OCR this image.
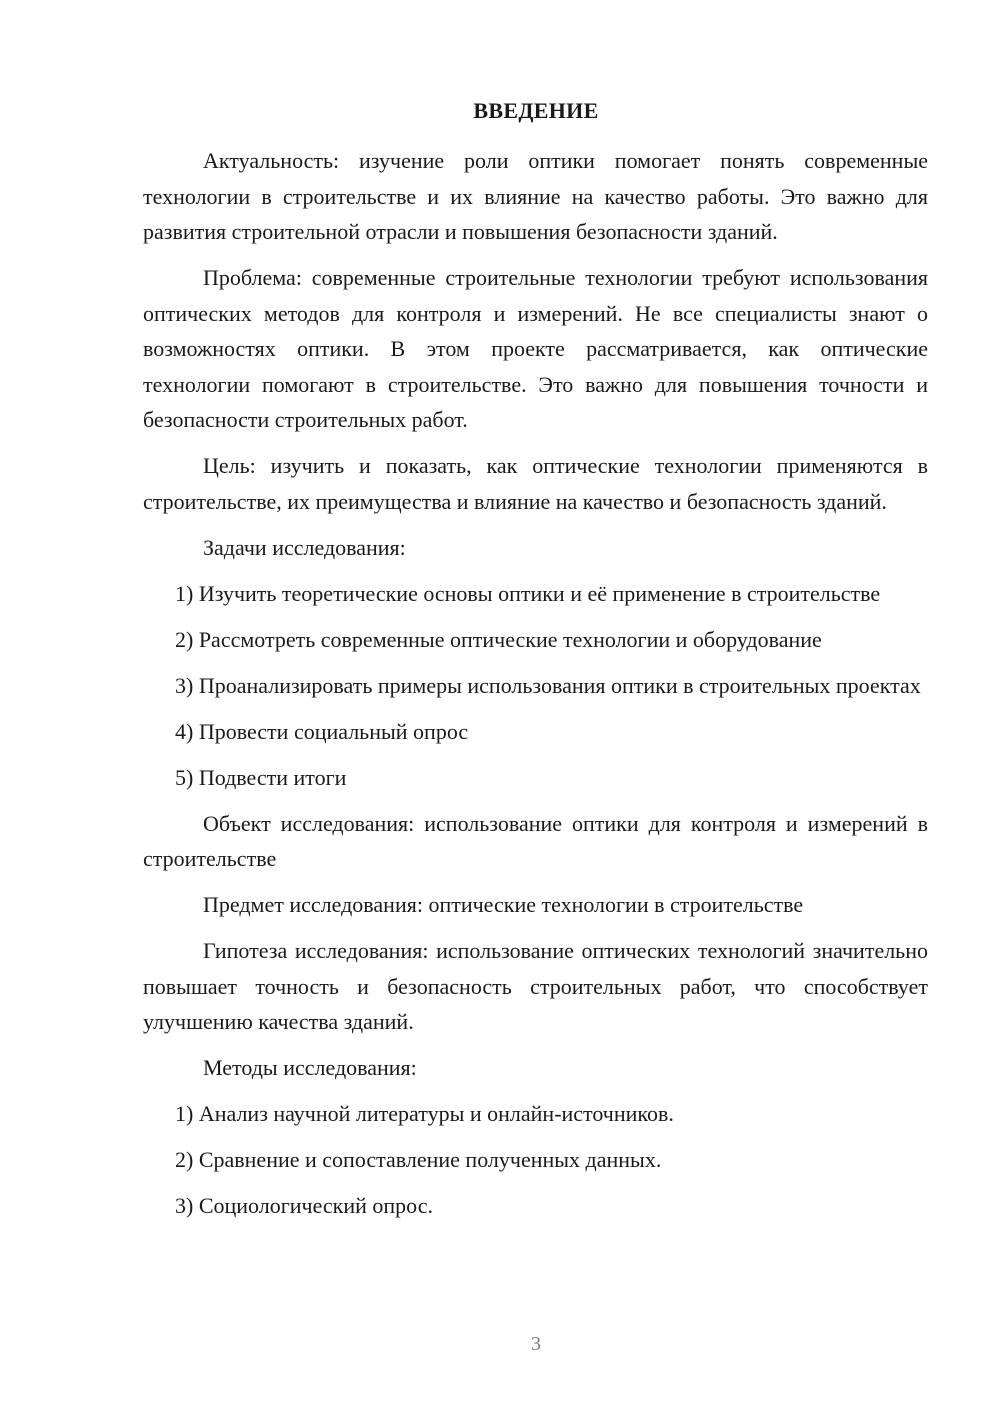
ВВЕДЕНИЕ

Актуальность: изучение роли оптики помогает понять современные технологии в строительстве и их влияние на качество работы. Это важно для развития строительной отрасли и повышения безопасности зданий.

Проблема: современные строительные технологии требуют использования оптических методов для контроля и измерений. Не все специалисты знают о возможностях оптики. В этом проекте рассматривается, как оптические технологии помогают в строительстве. Это важно для повышения точности и безопасности строительных работ.

Цель: изучить и показать, как оптические технологии применяются в строительстве, их преимущества и влияние на качество и безопасность зданий.

Задачи исследования:

1) Изучить теоретические основы оптики и её применение в строительстве

2) Рассмотреть современные оптические технологии и оборудование

3) Проанализировать примеры использования оптики в строительных проектах

4) Провести социальный опрос

5) Подвести итоги

Объект исследования: использование оптики для контроля и измерений в строительстве

Предмет исследования: оптические технологии в строительстве

Гипотеза исследования: использование оптических технологий значительно повышает точность и безопасность строительных работ, что способствует улучшению качества зданий.

Методы исследования:

1) Анализ научной литературы и онлайн-источников.

2) Сравнение и сопоставление полученных данных.

3) Социологический опрос.

3
